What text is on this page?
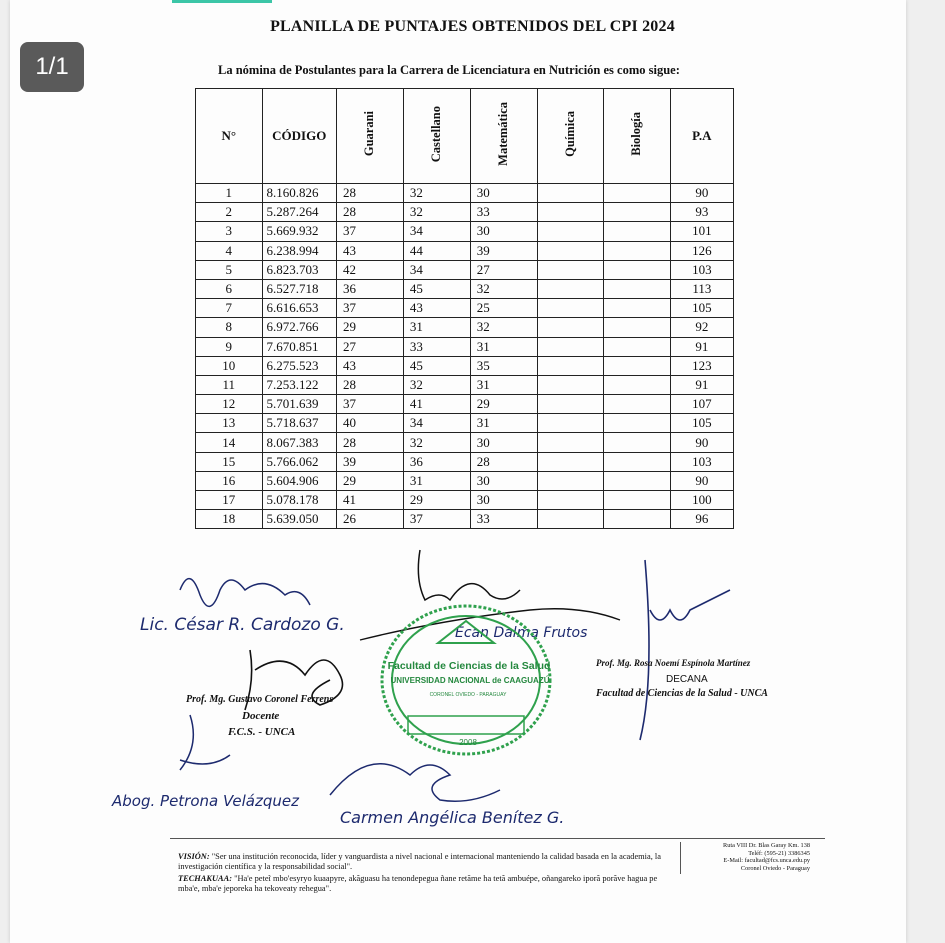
1/1
PLANILLA DE PUNTAJES OBTENIDOS DEL CPI 2024
La nómina de Postulantes para la Carrera de Licenciatura en Nutrición es como sigue:
N°	CÓDIGO	Guarani	Castellano	Matemática	Química	Biología	P.A
1	8.160.826	28	32	30			90
2	5.287.264	28	32	33			93
3	5.669.932	37	34	30			101
4	6.238.994	43	44	39			126
5	6.823.703	42	34	27			103
6	6.527.718	36	45	32			113
7	6.616.653	37	43	25			105
8	6.972.766	29	31	32			92
9	7.670.851	27	33	31			91
10	6.275.523	43	45	35			123
11	7.253.122	28	32	31			91
12	5.701.639	37	41	29			107
13	5.718.637	40	34	31			105
14	8.067.383	28	32	30			90
15	5.766.062	39	36	28			103
16	5.604.906	29	31	30			90
17	5.078.178	41	29	30			100
18	5.639.050	26	37	33			96
Lic. César R. Cardozo G.	Ecan Dalma Frutos
Prof. Mg. Rosa Noemí Espínola Martínez
DECANA
Facultad de Ciencias de la Salud - UNCA
Prof. Mg. Gustavo Coronel Ferrens
Docente
F.C.S. - UNCA
Abog. Petrona Velázquez
Carmen Angélica Benítez G.
Facultad de Ciencias de la Salud
UNIVERSIDAD NACIONAL de CAAGUAZÚ
CORONEL OVIEDO - PARAGUAY
2008
VISIÓN: "Ser una institución reconocida, líder y vanguardista a nivel nacional e internacional manteniendo la calidad basada en la academia, la investigación científica y la responsabilidad social".
TECHAKUAA: "Ha'e peteĩ mbo'esyryo kuaapyre, akãguasu ha tenondepegua ñane retãme ha tetã ambuépe, oñangareko iporã porãve hagua pe mba'e, mba'e jeporeka ha tekoveaty rehegua".
Ruta VIII Dr. Blas Garay Km. 138
Teléf: (595-21) 3386345
E-Mail: facultad@fcs.unca.edu.py
Coronel Oviedo - Paraguay
